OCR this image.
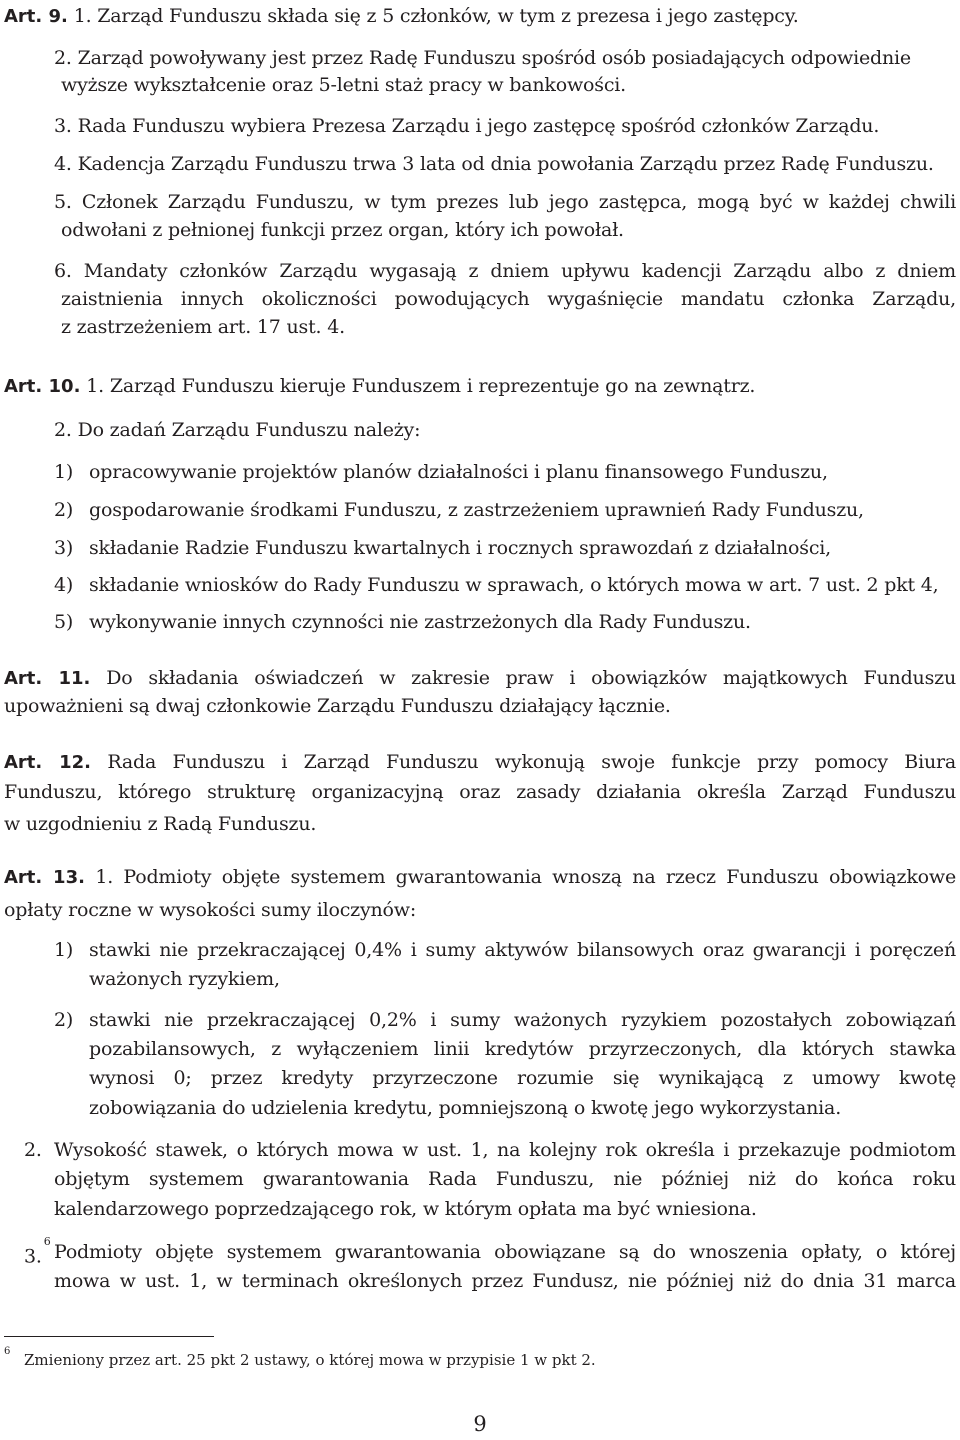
Art. 9. 1. Zarząd Funduszu składa się z 5 członków, w tym z prezesa i jego zastępcy.

2. Zarząd powoływany jest przez Radę Funduszu spośród osób posiadających odpowiednie

wyższe wykształcenie oraz 5-letni staż pracy w bankowości.

3. Rada Funduszu wybiera Prezesa Zarządu i jego zastępcę spośród członków Zarządu.

4. Kadencja Zarządu Funduszu trwa 3 lata od dnia powołania Zarządu przez Radę Funduszu.

5. Członek Zarządu Funduszu, w tym prezes lub jego zastępca, mogą być w każdej chwili

odwołani z pełnionej funkcji przez organ, który ich powołał.

6. Mandaty członków Zarządu wygasają z dniem upływu kadencji Zarządu albo z dniem

zaistnienia innych okoliczności powodujących wygaśnięcie mandatu członka Zarządu,

z zastrzeżeniem art. 17 ust. 4.

Art. 10. 1. Zarząd Funduszu kieruje Funduszem i reprezentuje go na zewnątrz.

2. Do zadań Zarządu Funduszu należy:

1) opracowywanie projektów planów działalności i planu finansowego Funduszu,
2) gospodarowanie środkami Funduszu, z zastrzeżeniem uprawnień Rady Funduszu,
3) składanie Radzie Funduszu kwartalnych i rocznych sprawozdań z działalności,
4) składanie wniosków do Rady Funduszu w sprawach, o których mowa w art. 7 ust. 2 pkt 4,
5) wykonywanie innych czynności nie zastrzeżonych dla Rady Funduszu.

Art. 11. Do składania oświadczeń w zakresie praw i obowiązków majątkowych Funduszu

upoważnieni są dwaj członkowie Zarządu Funduszu działający łącznie.

Art. 12. Rada Funduszu i Zarząd Funduszu wykonują swoje funkcje przy pomocy Biura

Funduszu, którego strukturę organizacyjną oraz zasady działania określa Zarząd Funduszu

w uzgodnieniu z Radą Funduszu.

Art. 13. 1. Podmioty objęte systemem gwarantowania wnoszą na rzecz Funduszu obowiązkowe

opłaty roczne w wysokości sumy iloczynów:

1) stawki nie przekraczającej 0,4% i sumy aktywów bilansowych oraz gwarancji i poręczeń

ważonych ryzykiem,

2) stawki nie przekraczającej 0,2% i sumy ważonych ryzykiem pozostałych zobowiązań

pozabilansowych, z wyłączeniem linii kredytów przyrzeczonych, dla których stawka

wynosi 0; przez kredyty przyrzeczone rozumie się wynikającą z umowy kwotę

zobowiązania do udzielenia kredytu, pomniejszoną o kwotę jego wykorzystania.

2. Wysokość stawek, o których mowa w ust. 1, na kolejny rok określa i przekazuje podmiotom

objętym systemem gwarantowania Rada Funduszu, nie później niż do końca roku

kalendarzowego poprzedzającego rok, w którym opłata ma być wniesiona.

3.$^6$ Podmioty objęte systemem gwarantowania obowiązane są do wnoszenia opłaty, o której

mowa w ust. 1, w terminach określonych przez Fundusz, nie później niż do dnia 31 marca

6 Zmieniony przez art. 25 pkt 2 ustawy, o której mowa w przypisie 1 w pkt 2.
9
